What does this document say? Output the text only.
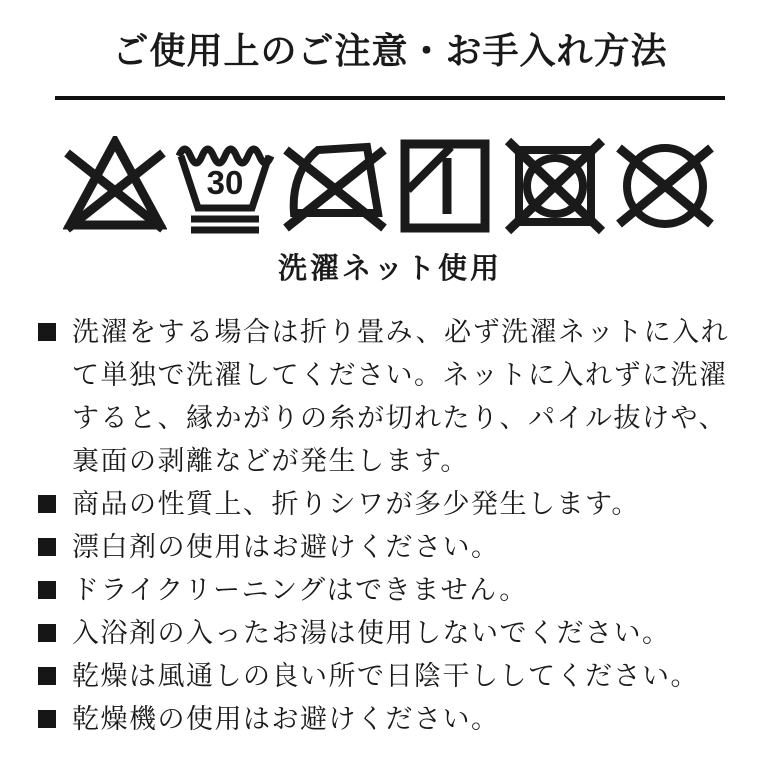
ご使用上のご注意・お手入れ方法
30
洗濯ネット使用
洗濯をする場合は折り畳み、必ず洗濯ネットに入れて単独で洗濯してください。ネットに入れずに洗濯すると、縁かがりの糸が切れたり、パイル抜けや、裏面の剥離などが発生します。
商品の性質上、折りシワが多少発生します。
漂白剤の使用はお避けください。
ドライクリーニングはできません。
入浴剤の入ったお湯は使用しないでください。
乾燥は風通しの良い所で日陰干ししてください。
乾燥機の使用はお避けください。
